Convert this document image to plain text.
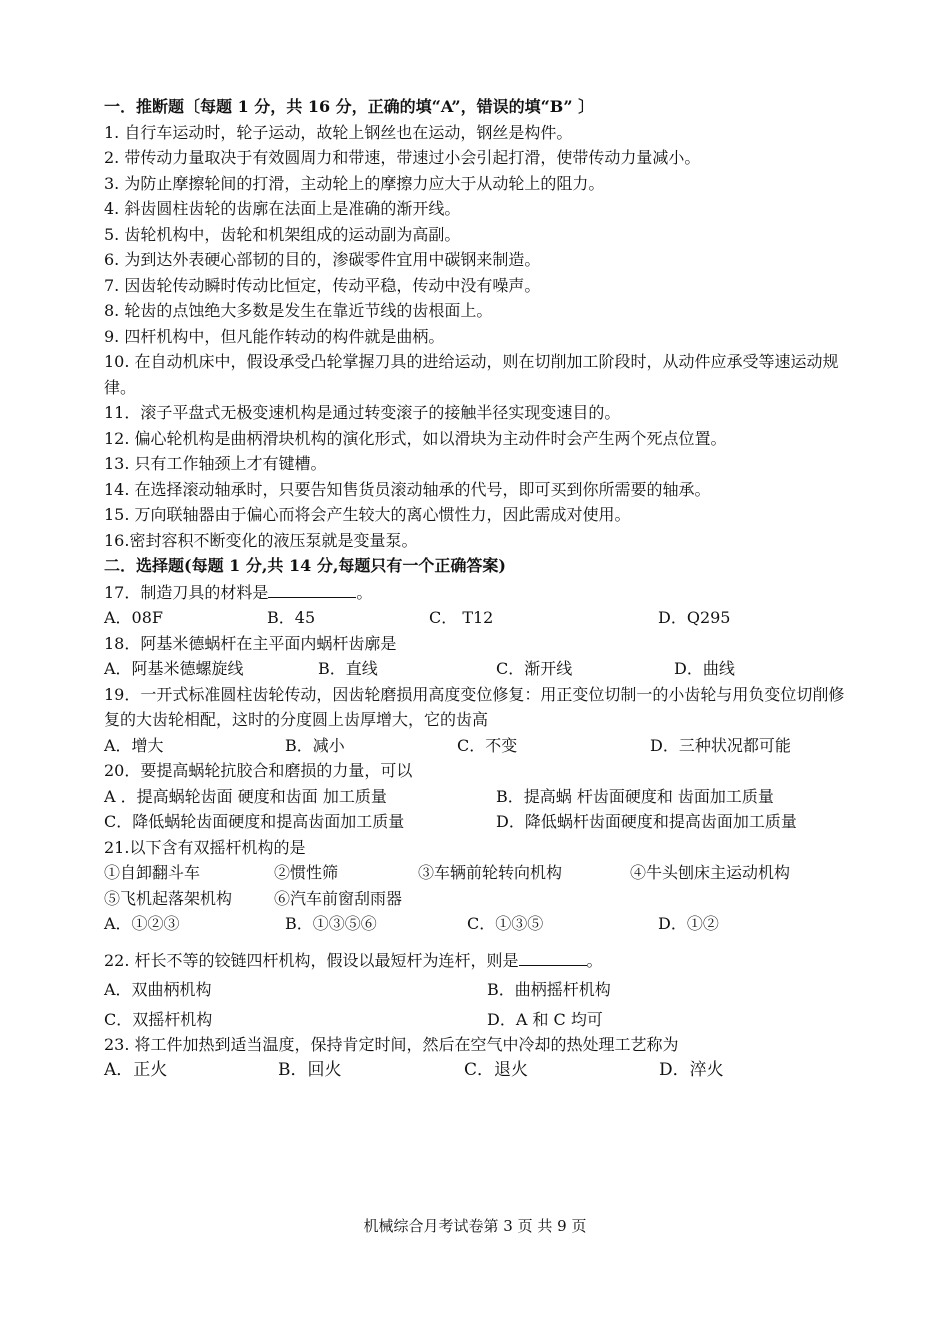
一．推断题〔每题 1 分，共 16 分，正确的填“A”，错误的填“B” 〕
1. 自行车运动时，轮子运动，故轮上钢丝也在运动，钢丝是构件。
2. 带传动力量取决于有效圆周力和带速，带速过小会引起打滑，使带传动力量减小。
3. 为防止摩擦轮间的打滑，主动轮上的摩擦力应大于从动轮上的阻力。
4. 斜齿圆柱齿轮的齿廓在法面上是准确的渐开线。
5. 齿轮机构中，齿轮和机架组成的运动副为高副。
6. 为到达外表硬心部韧的目的，渗碳零件宜用中碳钢来制造。
7. 因齿轮传动瞬时传动比恒定，传动平稳，传动中没有噪声。
8. 轮齿的点蚀绝大多数是发生在靠近节线的齿根面上。
9. 四杆机构中，但凡能作转动的构件就是曲柄。
10. 在自动机床中，假设承受凸轮掌握刀具的进给运动，则在切削加工阶段时，从动件应承受等速运动规律。
11．滚子平盘式无极变速机构是通过转变滚子的接触半径实现变速目的。
12. 偏心轮机构是曲柄滑块机构的演化形式，如以滑块为主动件时会产生两个死点位置。
13. 只有工作轴颈上才有键槽。
14. 在选择滚动轴承时，只要告知售货员滚动轴承的代号，即可买到你所需要的轴承。
15. 万向联轴器由于偏心而将会产生较大的离心惯性力，因此需成对使用。
16.密封容积不断变化的液压泵就是变量泵。
二．选择题(每题 1 分,共 14 分,每题只有一个正确答案)
17．制造刀具的材料是	。
A．08F	B．45	C． T12	D．Q295
18．阿基米德蜗杆在主平面内蜗杆齿廓是
A．阿基米德螺旋线	B．直线	C．渐开线	D．曲线
19．一开式标准圆柱齿轮传动，因齿轮磨损用高度变位修复：用正变位切制一的小齿轮与用负变位切削修复的大齿轮相配，这时的分度圆上齿厚增大，它的齿高
A．增大	B．减小	C．不变	D．三种状况都可能
20．要提高蜗轮抗胶合和磨损的力量，可以
A ．提高蜗轮齿面 硬度和齿面 加工质量	B．提高蜗 杆齿面硬度和 齿面加工质量
C．降低蜗轮齿面硬度和提高齿面加工质量	D．降低蜗杆齿面硬度和提高齿面加工质量
21.以下含有双摇杆机构的是
①自卸翻斗车	②惯性筛	③车辆前轮转向机构	④牛头刨床主运动机构
⑤飞机起落架机构	⑥汽车前窗刮雨器
A．①②③	B．①③⑤⑥	C．①③⑤	D．①②
22. 杆长不等的铰链四杆机构，假设以最短杆为连杆，则是	。
A．双曲柄机构	B．曲柄摇杆机构
C．双摇杆机构	D．A 和 C 均可
23. 将工件加热到适当温度，保持肯定时间，然后在空气中冷却的热处理工艺称为
A．正火	B．回火	C．退火	D．淬火
机械综合月考试卷第 3 页 共 9 页
